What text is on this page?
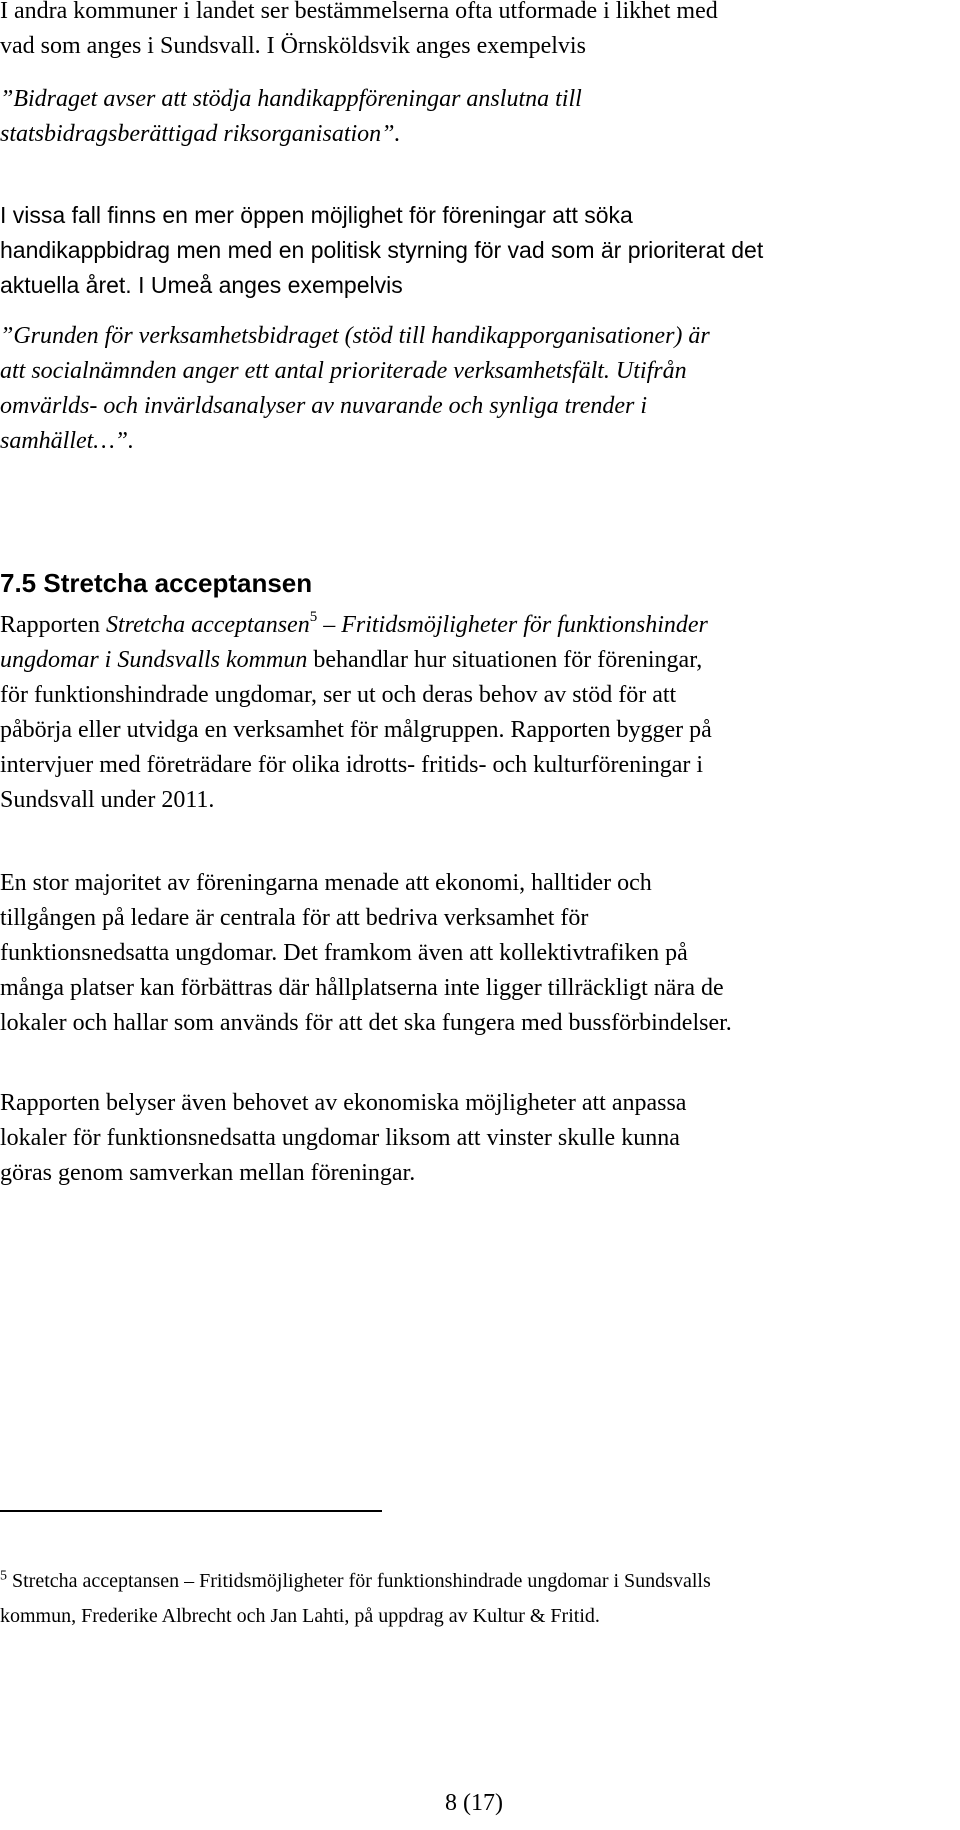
I andra kommuner i landet ser bestämmelserna ofta utformade i likhet med
vad som anges i Sundsvall. I Örnsköldsvik anges exempelvis

”Bidraget avser att stödja handikappföreningar anslutna till
statsbidragsberättigad riksorganisation”.

I vissa fall finns en mer öppen möjlighet för föreningar att söka
handikappbidrag men med en politisk styrning för vad som är prioriterat det
aktuella året. I Umeå anges exempelvis

”Grunden för verksamhetsbidraget (stöd till handikapporganisationer) är
att socialnämnden anger ett antal prioriterade verksamhetsfält. Utifrån
omvärlds- och invärldsanalyser av nuvarande och synliga trender i
samhället…”.

7.5 Stretcha acceptansen

Rapporten Stretcha acceptansen$^5$ – Fritidsmöjligheter för funktionshinder
ungdomar i Sundsvalls kommun behandlar hur situationen för föreningar,
för funktionshindrade ungdomar, ser ut och deras behov av stöd för att
påbörja eller utvidga en verksamhet för målgruppen. Rapporten bygger på
intervjuer med företrädare för olika idrotts- fritids- och kulturföreningar i
Sundsvall under 2011.

En stor majoritet av föreningarna menade att ekonomi, halltider och
tillgången på ledare är centrala för att bedriva verksamhet för
funktionsnedsatta ungdomar. Det framkom även att kollektivtrafiken på
många platser kan förbättras där hållplatserna inte ligger tillräckligt nära de
lokaler och hallar som används för att det ska fungera med bussförbindelser.

Rapporten belyser även behovet av ekonomiska möjligheter att anpassa
lokaler för funktionsnedsatta ungdomar liksom att vinster skulle kunna
göras genom samverkan mellan föreningar.

$^5$ Stretcha acceptansen – Fritidsmöjligheter för funktionshindrade ungdomar i Sundsvalls
kommun, Frederike Albrecht och Jan Lahti, på uppdrag av Kultur & Fritid.

8 (17)
